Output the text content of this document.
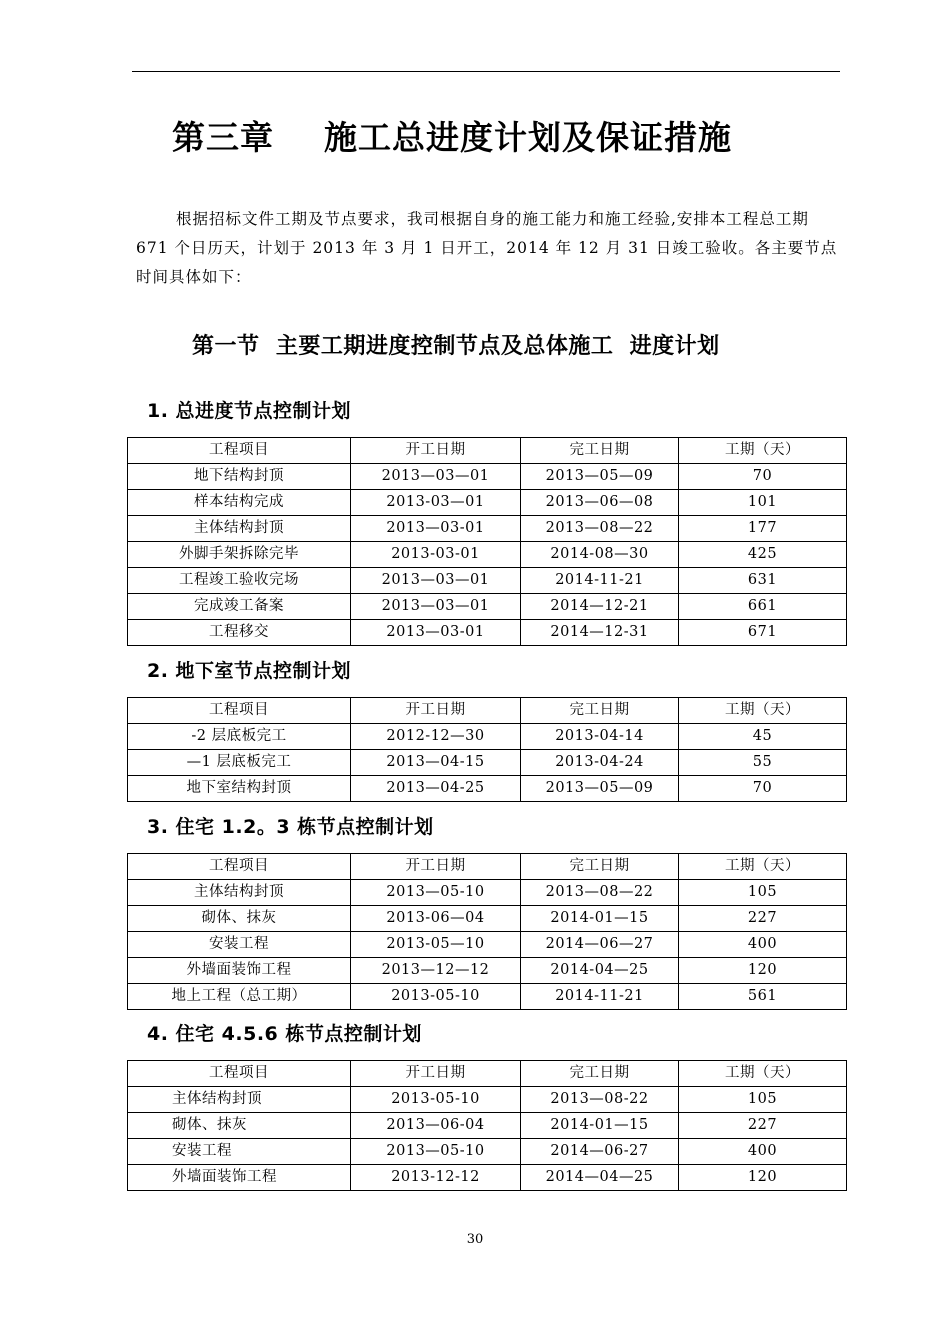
第三章    施工总进度计划及保证措施
根据招标文件工期及节点要求，我司根据自身的施工能力和施工经验,安排本工程总工期 671 个日历天，计划于 2013 年 3 月 1 日开工，2014 年 12 月 31 日竣工验收。各主要节点时间具体如下：
第一节  主要工期进度控制节点及总体施工  进度计划
1. 总进度节点控制计划
工程项目	开工日期	完工日期	工期（天）
地下结构封顶	2013—03—01	2013—05—09	70
样本结构完成	2013-03—01	2013—06—08	101
主体结构封顶	2013—03-01	2013—08—22	177
外脚手架拆除完毕	2013-03-01	2014-08—30	425
工程竣工验收完场	2013—03—01	2014-11-21	631
完成竣工备案	2013—03—01	2014—12-21	661
工程移交	2013—03-01	2014—12-31	671
2. 地下室节点控制计划
工程项目	开工日期	完工日期	工期（天）
-2 层底板完工	2012-12—30	2013-04-14	45
—1 层底板完工	2013—04-15	2013-04-24	55
地下室结构封顶	2013—04-25	2013—05—09	70
3. 住宅 1.2。3 栋节点控制计划
工程项目	开工日期	完工日期	工期（天）
主体结构封顶	2013—05-10	2013—08—22	105
砌体、抹灰	2013-06—04	2014-01—15	227
安装工程	2013-05—10	2014—06—27	400
外墙面装饰工程	2013—12—12	2014-04—25	120
地上工程（总工期）	2013-05-10	2014-11-21	561
4. 住宅 4.5.6 栋节点控制计划
工程项目	开工日期	完工日期	工期（天）
主体结构封顶	2013-05-10	2013—08-22	105
砌体、抹灰	2013—06-04	2014-01—15	227
安装工程	2013—05-10	2014—06-27	400
外墙面装饰工程	2013-12-12	2014—04—25	120
30
